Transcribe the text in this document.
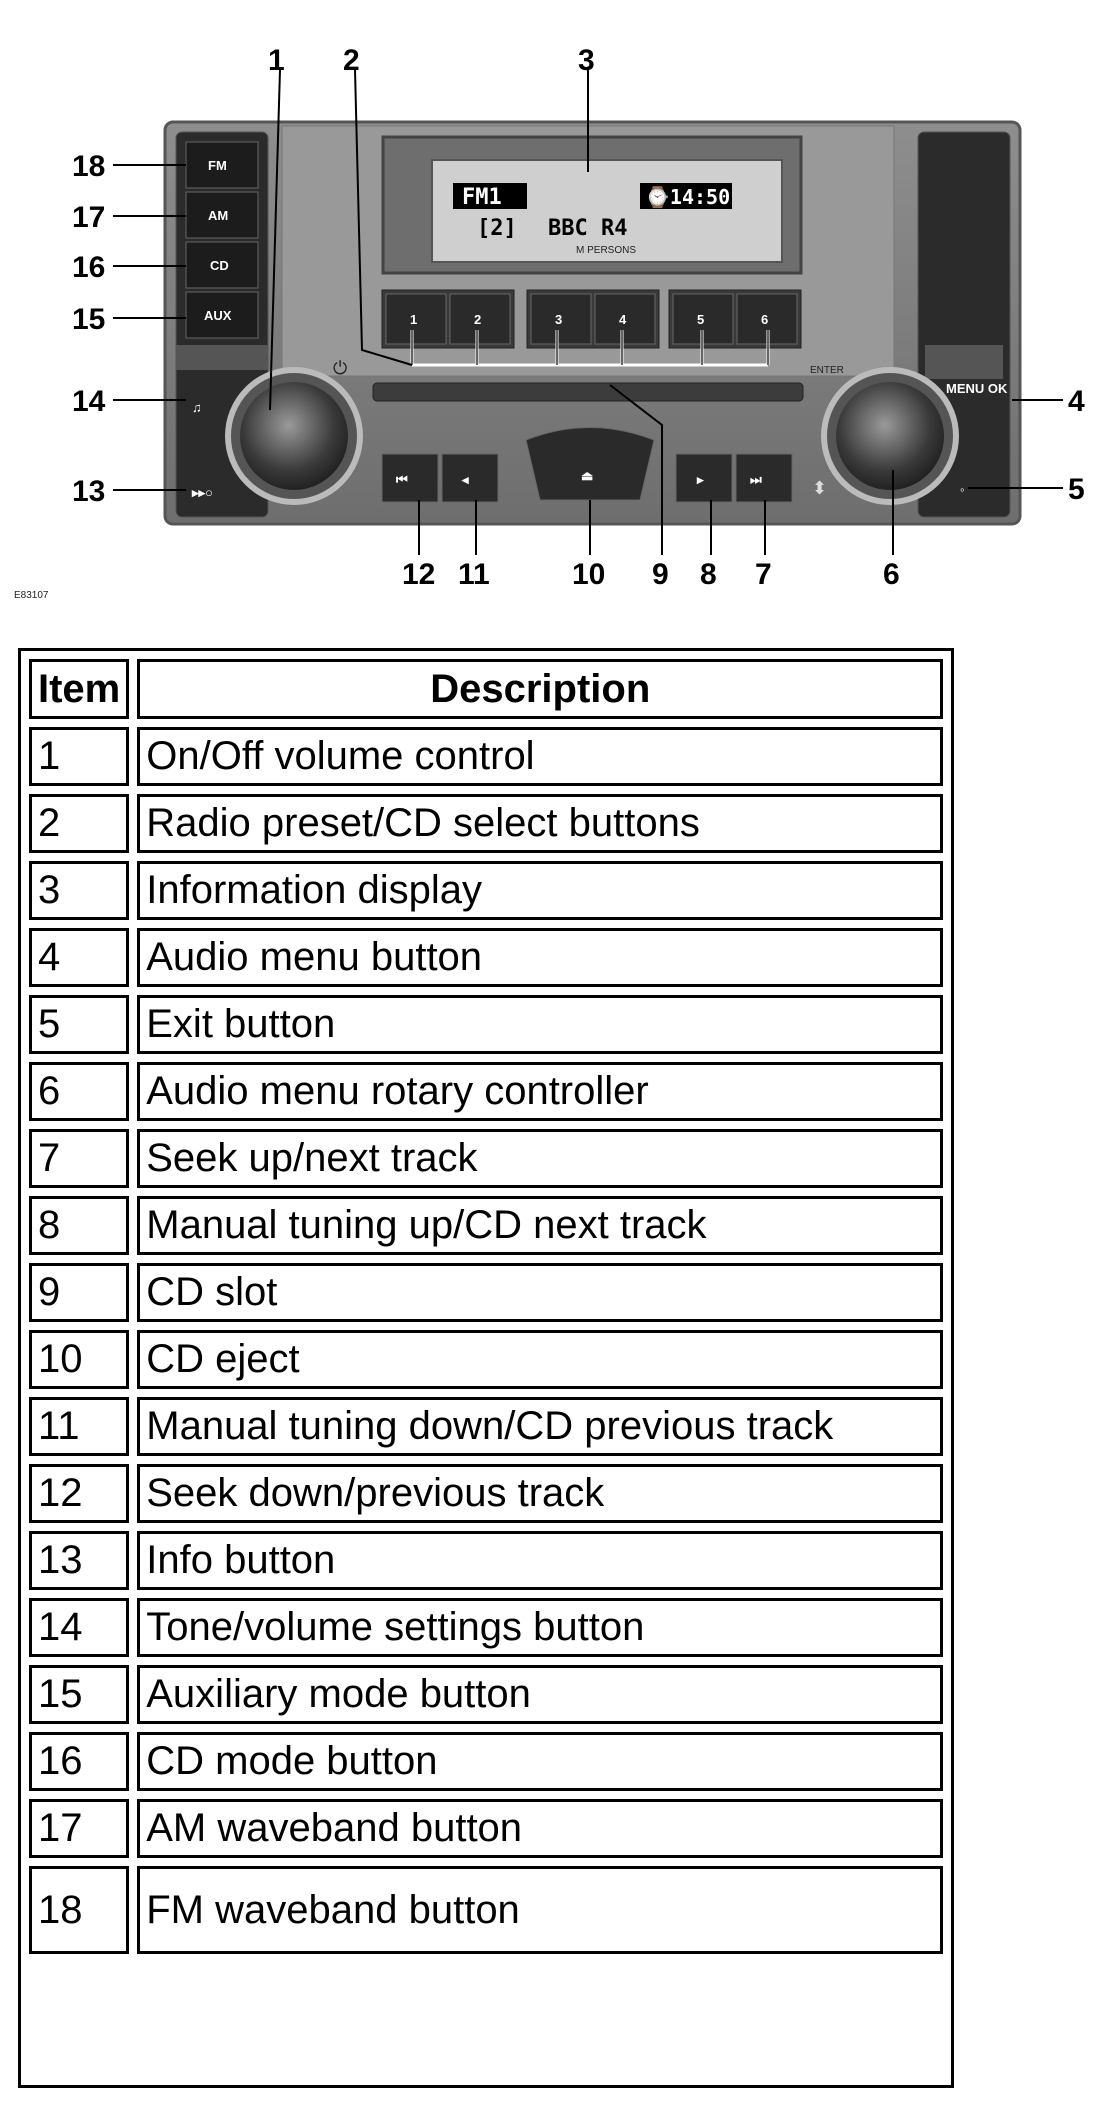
FM1	⌚14:50
[2] BBC R4
M PERSONS
1	2	3	4	5	6
FM
AM
CD
AUX
♫
▸▸○
⏻	ENTER
MENU OK
◦
⏮	◂	⏏	▸	⏭	⬍
1 2	3
4
5
6
7
8
9
10
11
12
13
14
15
16
17
18
E83107
Item	Description
1	On/Off volume control
2	Radio preset/CD select buttons
3	Information display
4	Audio menu button
5	Exit button
6	Audio menu rotary controller
7	Seek up/next track
8	Manual tuning up/CD next track
9	CD slot
10	CD eject
11	Manual tuning down/CD previous track
12	Seek down/previous track
13	Info button
14	Tone/volume settings button
15	Auxiliary mode button
16	CD mode button
17	AM waveband button
18	FM waveband button
